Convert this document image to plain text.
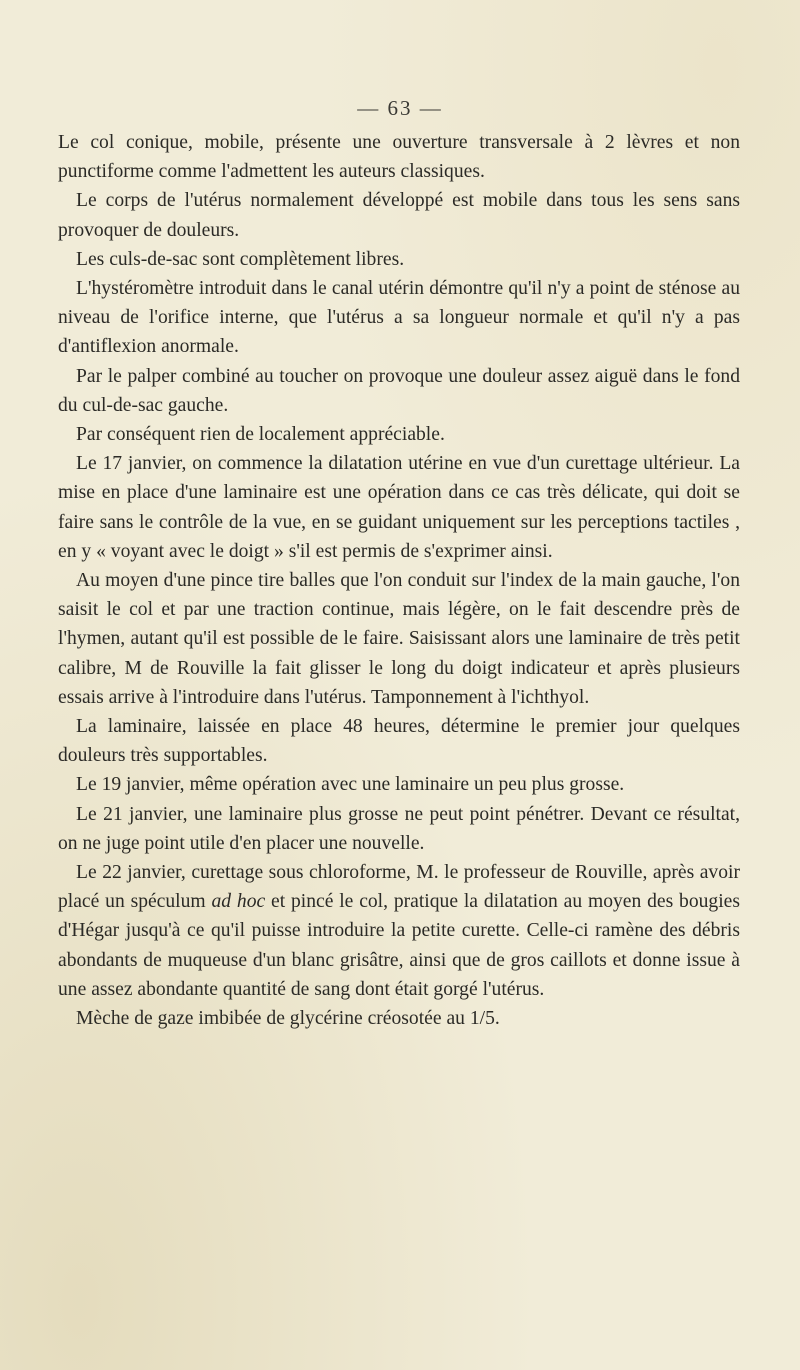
— 63 —

Le col conique, mobile, présente une ouverture transversale à 2 lèvres et non punctiforme comme l'admettent les auteurs classiques.

Le corps de l'utérus normalement développé est mobile dans tous les sens sans provoquer de douleurs.

Les culs-de-sac sont complètement libres.

L'hystéromètre introduit dans le canal utérin démontre qu'il n'y a point de sténose au niveau de l'orifice interne, que l'utérus a sa longueur normale et qu'il n'y a pas d'antiflexion anormale.

Par le palper combiné au toucher on provoque une douleur assez aiguë dans le fond du cul-de-sac gauche.

Par conséquent rien de localement appréciable.

Le 17 janvier, on commence la dilatation utérine en vue d'un curettage ultérieur. La mise en place d'une laminaire est une opération dans ce cas très délicate, qui doit se faire sans le contrôle de la vue, en se guidant uniquement sur les perceptions tactiles , en y « voyant avec le doigt » s'il est permis de s'exprimer ainsi.

Au moyen d'une pince tire balles que l'on conduit sur l'index de la main gauche, l'on saisit le col et par une traction continue, mais légère, on le fait descendre près de l'hymen, autant qu'il est possible de le faire. Saisissant alors une laminaire de très petit calibre, M de Rouville la fait glisser le long du doigt indicateur et après plusieurs essais arrive à l'introduire dans l'utérus. Tamponnement à l'ichthyol.

La laminaire, laissée en place 48 heures, détermine le premier jour quelques douleurs très supportables.

Le 19 janvier, même opération avec une laminaire un peu plus grosse.

Le 21 janvier, une laminaire plus grosse ne peut point pénétrer. Devant ce résultat, on ne juge point utile d'en placer une nouvelle.

Le 22 janvier, curettage sous chloroforme, M. le professeur de Rouville, après avoir placé un spéculum ad hoc et pincé le col, pratique la dilatation au moyen des bougies d'Hégar jusqu'à ce qu'il puisse introduire la petite curette. Celle-ci ramène des débris abondants de muqueuse d'un blanc grisâtre, ainsi que de gros caillots et donne issue à une assez abondante quantité de sang dont était gorgé l'utérus.

Mèche de gaze imbibée de glycérine créosotée au 1/5.
